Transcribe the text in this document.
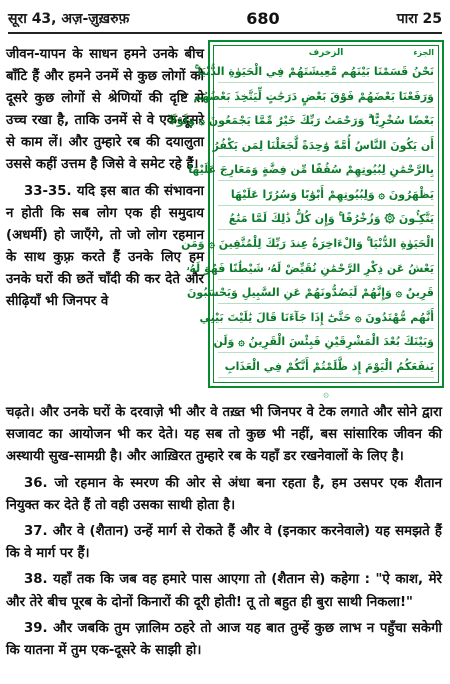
सूरा 43, अज़-ज़ुख़रुफ़	680	पारा 25

जीवन-यापन के साधन हमने उनके बीच बाँटि हैं और हमने उनमें से कुछ लोगों को दूसरे कुछ लोगों से श्रेणियों की दृष्टि से उच्च रखा है, ताकि उनमें से वे एक-दूसरे से काम लें। और तुम्हारे रब की दयालुता उससे कहीं उत्तम है जिसे वे समेट रहे हैं।

33-35. यदि इस बात की संभावना न होती कि सब लोग एक ही समुदाय (अधर्मी) हो जाएँगे, तो जो लोग रहमान के साथ कुफ़्र करते हैं उनके लिए हम उनके घरों की छतें चाँदी की कर देते और सीढ़ियाँ भी जिनपर वे

الزخرف	الجزء
نَحْنُ قَسَمْنَا بَيْنَهُم مَّعِيشَتَهُمْ فِي الْحَيَوٰةِ الدُّنْيَا ۚ
وَرَفَعْنَا بَعْضَهُمْ فَوْقَ بَعْضٍ دَرَجَٰتٍ لِّيَتَّخِذَ بَعْضُهُم
بَعْضًا سُخْرِيًّا ۗ وَرَحْمَتُ رَبِّكَ خَيْرٌ مِّمَّا يَجْمَعُونَ ۞ وَلَوْلَآ
أَن يَكُونَ النَّاسُ أُمَّةً وَٰحِدَةً لَّجَعَلْنَا لِمَن يَكْفُرُ
بِالرَّحْمَٰنِ لِبُيُوتِهِمْ سُقُفًا مِّن فِضَّةٍ وَمَعَارِجَ عَلَيْهَا
يَظْهَرُونَ ۞ وَلِبُيُوتِهِمْ أَبْوَٰبًا وَسُرُرًا عَلَيْهَا
يَتَّكِـُٔونَ ۞ وَزُخْرُفًا ۚ وَإِن كُلُّ ذَٰلِكَ لَمَّا مَتَٰعُ
الْحَيَوٰةِ الدُّنْيَا ۚ وَالْءَاخِرَةُ عِندَ رَبِّكَ لِلْمُتَّقِينَ ۞ وَمَن
يَعْشُ عَن ذِكْرِ الرَّحْمَٰنِ نُقَيِّضْ لَهُۥ شَيْطَٰنًا فَهُوَ لَهُۥ
قَرِينٌ ۞ وَإِنَّهُمْ لَيَصُدُّونَهُمْ عَنِ السَّبِيلِ وَيَحْسَبُونَ
أَنَّهُم مُّهْتَدُونَ ۞ حَتَّىٰٓ إِذَا جَآءَنَا قَالَ يَٰلَيْتَ بَيْنِي
وَبَيْنَكَ بُعْدَ الْمَشْرِقَيْنِ فَبِئْسَ الْقَرِينُ ۞ وَلَن
يَنفَعَكُمُ الْيَوْمَ إِذ ظَّلَمْتُمْ أَنَّكُمْ فِي الْعَذَابِ
۞

चढ़ते। और उनके घरों के दरवाज़े भी और वे तख़्त भी जिनपर वे टेक लगाते और सोने द्वारा सजावट का आयोजन भी कर देते। यह सब तो कुछ भी नहीं, बस सांसारिक जीवन की अस्थायी सुख-सामग्री है। और आख़िरत तुम्हारे रब के यहाँ डर रखनेवालों के लिए है।

36. जो रहमान के स्मरण की ओर से अंधा बना रहता है, हम उसपर एक शैतान नियुक्त कर देते हैं तो वही उसका साथी होता है।

37. और वे (शैतान) उन्हें मार्ग से रोकते हैं और वे (इनकार करनेवाले) यह समझते हैं कि वे मार्ग पर हैं।

38. यहाँ तक कि जब वह हमारे पास आएगा तो (शैतान से) कहेगा : "ऐ काश, मेरे और तेरे बीच पूरब के दोनों किनारों की दूरी होती! तू तो बहुत ही बुरा साथी निकला!"

39. और जबकि तुम ज़ालिम ठहरे तो आज यह बात तुम्हें कुछ लाभ न पहुँचा सकेगी कि यातना में तुम एक-दूसरे के साझी हो।
